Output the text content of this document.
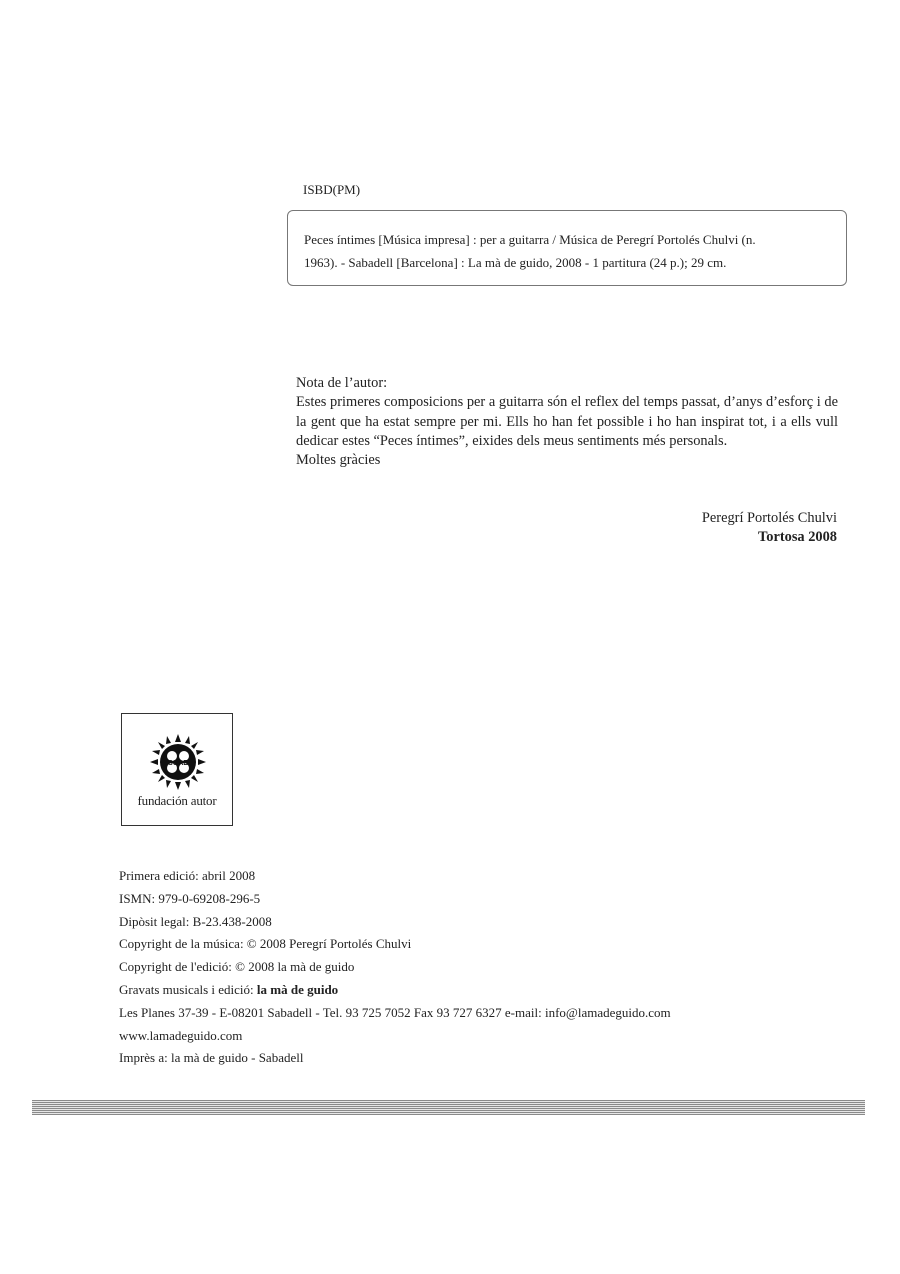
ISBD(PM)
Peces íntimes [Música impresa] : per a guitarra / Música de Peregrí Portolés Chulvi (n.
1963). - Sabadell [Barcelona] : La mà de guido, 2008 - 1 partitura (24 p.); 29 cm.

Nota de l’autor:

Estes primeres composicions per a guitarra són el reflex del temps passat, d’anys d’esforç i de la gent que ha estat sempre per mi. Ells ho han fet possible i ho han inspirat tot, i a ells vull dedicar estes “Peces íntimes”, eixides dels meus sentiments més personals.

Moltes gràcies

Peregrí Portolés Chulvi
Tortosa 2008
SGAE
fundación autor
Primera edició: abril 2008
ISMN: 979-0-69208-296-5
Dipòsit legal: B-23.438-2008
Copyright de la música: © 2008 Peregrí Portolés Chulvi
Copyright de l'edició: © 2008 la mà de guido
Gravats musicals i edició: la mà de guido
Les Planes 37-39 - E-08201 Sabadell - Tel. 93 725 7052 Fax 93 727 6327 e-mail: info@lamadeguido.com
www.lamadeguido.com
Imprès a: la mà de guido - Sabadell
